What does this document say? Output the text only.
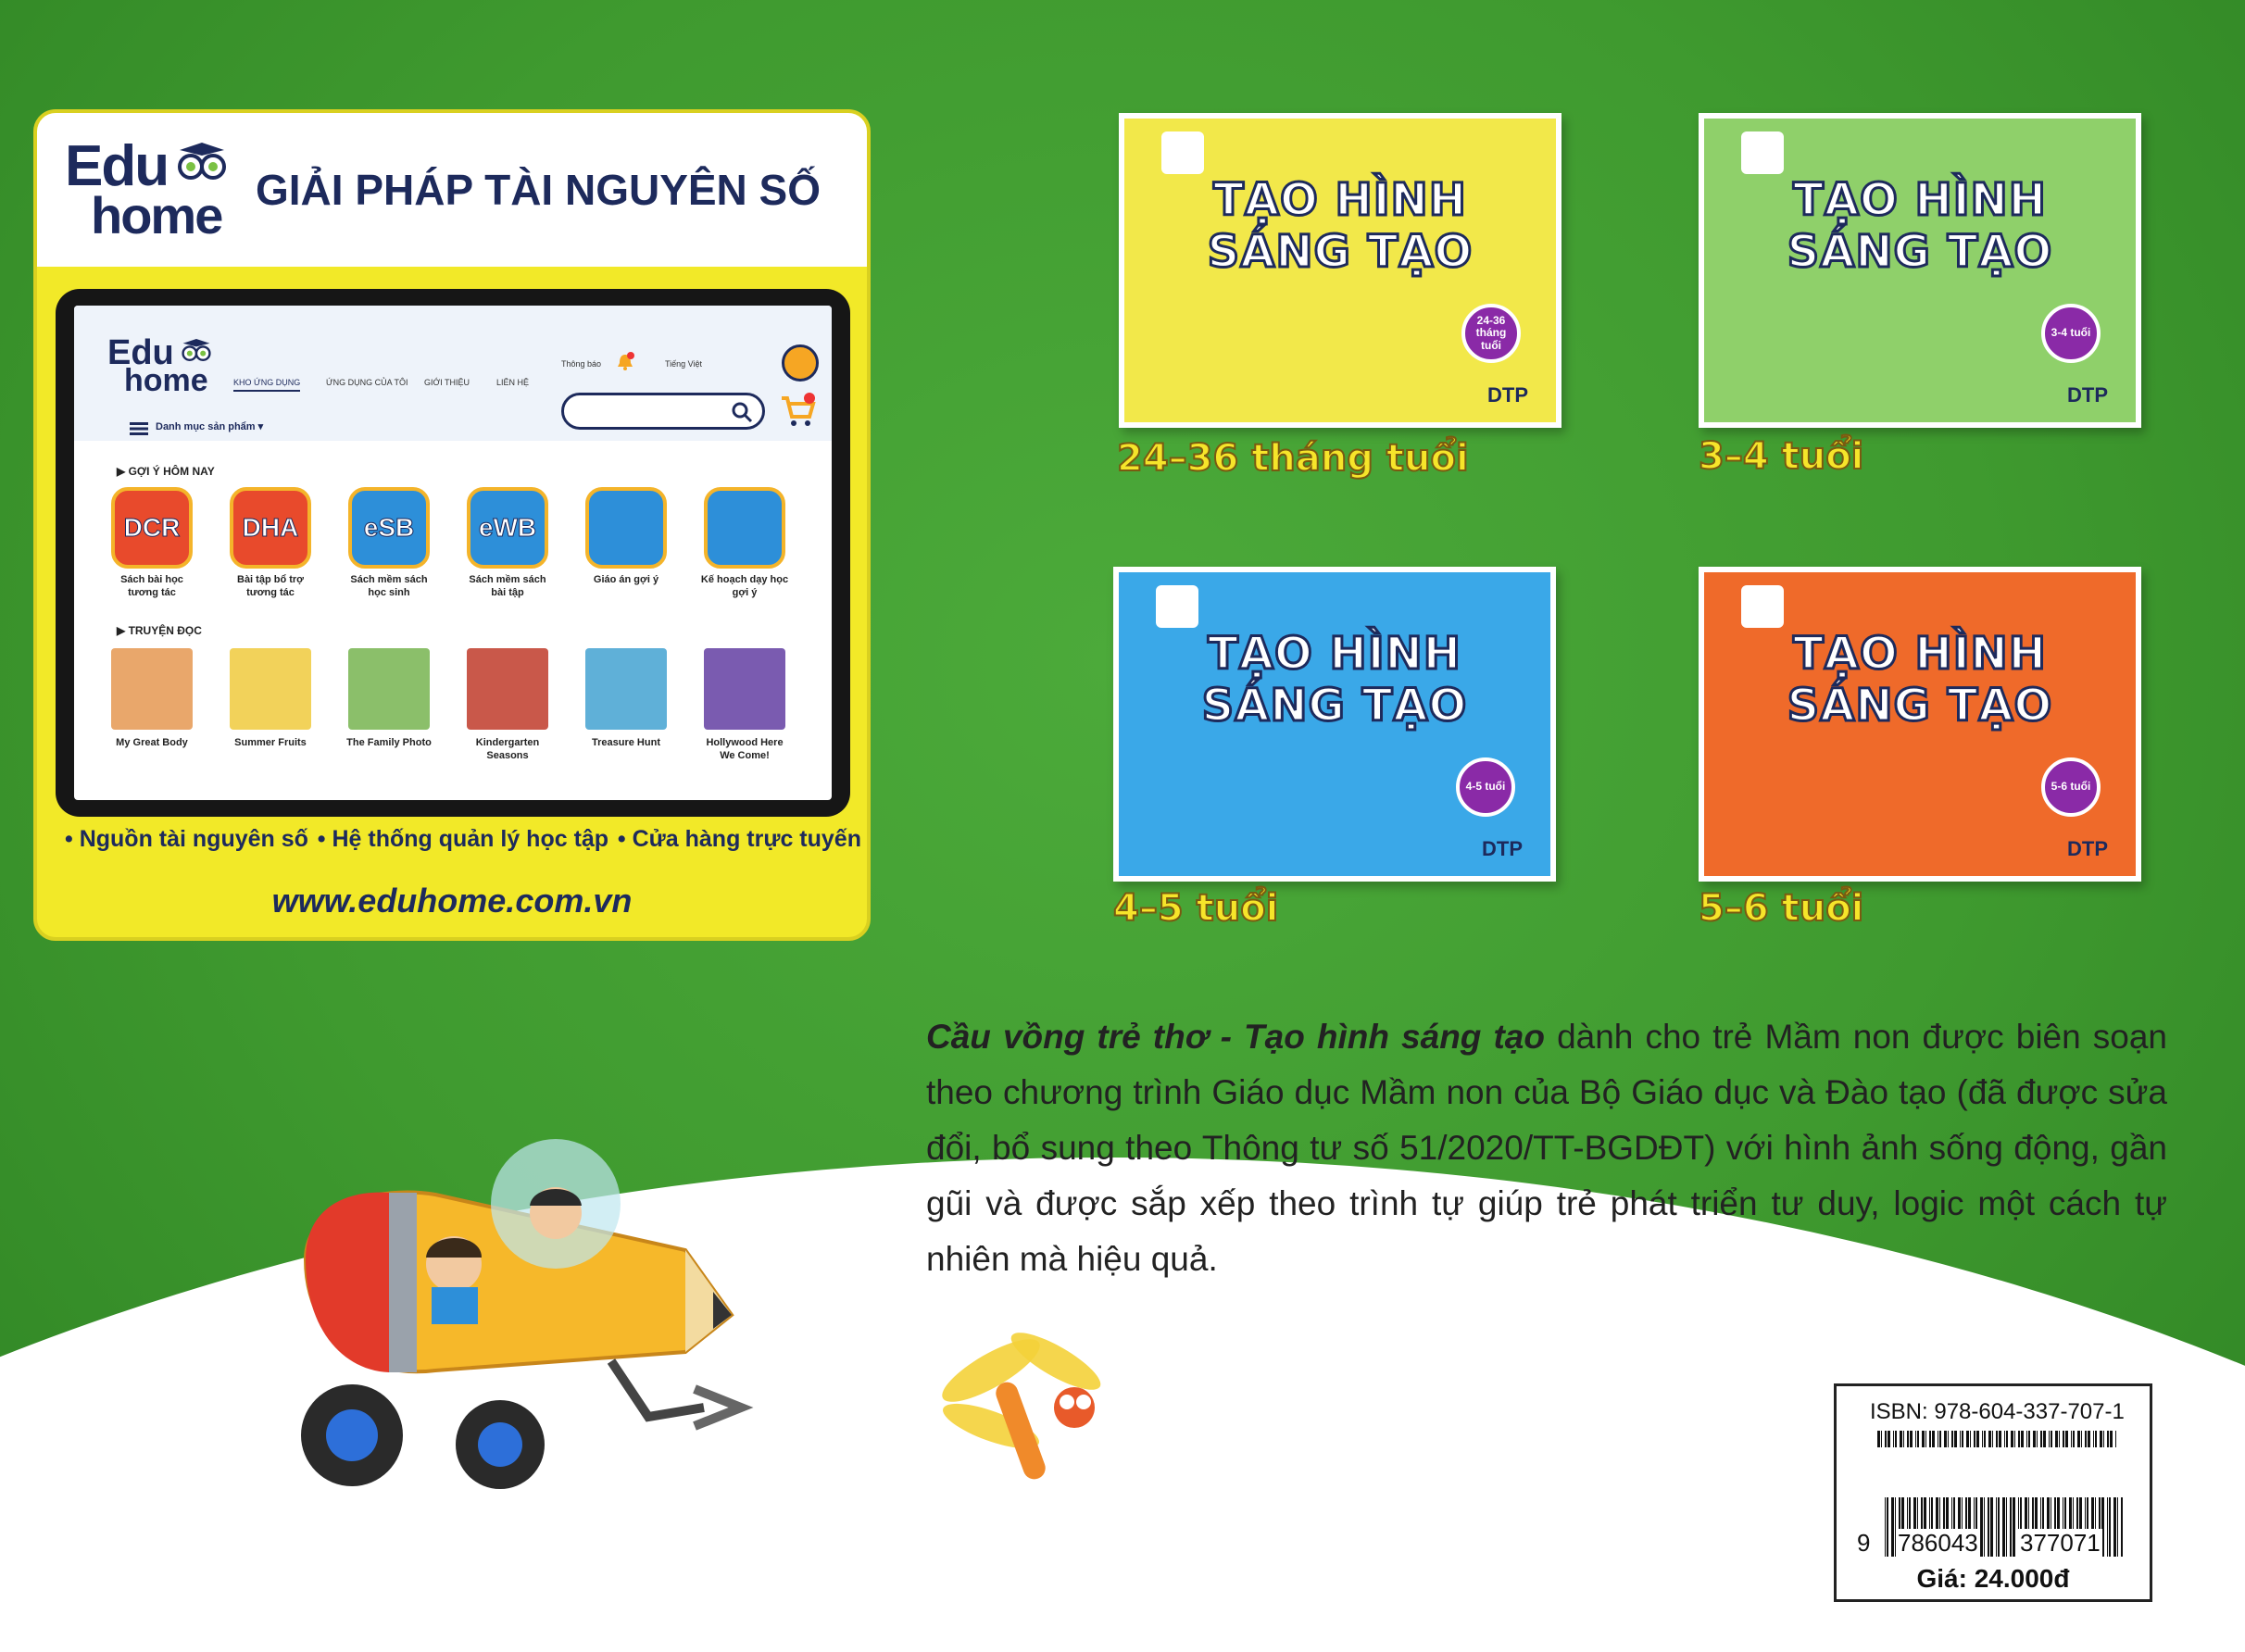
Edu
home GIẢI PHÁP TÀI NGUYÊN SỐ
Edu
home	KHO ỨNG DỤNG	ỨNG DỤNG CỦA TÔI GIỚI THIỆU	LIÊN HỆ
Thông báo	Tiếng Việt
Danh mục sản phẩm ▾
▶ GỢI Ý HÔM NAY
DCR
Sách bài học tương tác
DHA
Bài tập bổ trợ tương tác
eSB
Sách mềm sách học sinh
eWB
Sách mềm sách bài tập
Giáo án gợi ý	Kế hoạch dạy học gợi ý
▶ TRUYỆN ĐỌC
My Great Body	Summer Fruits	The Family Photo	Kindergarten Seasons
Treasure Hunt	Hollywood Here We Come!
• Nguồn tài nguyên số • Hệ thống quản lý học tập • Cửa hàng trực tuyến
www.eduhome.com.vn
TẠO HÌNH
SÁNG TẠO
24-36 tháng tuổi
DTP
24–36 tháng tuổi
TẠO HÌNH
SÁNG TẠO
3-4 tuổi
DTP
3–4 tuổi
TẠO HÌNH
SÁNG TẠO
4-5 tuổi
DTP
4–5 tuổi
TẠO HÌNH
SÁNG TẠO
5-6 tuổi
DTP
5–6 tuổi
Cầu vồng trẻ thơ - Tạo hình sáng tạo dành cho trẻ Mầm non được biên soạn theo chương trình Giáo dục Mầm non của Bộ Giáo dục và Đào tạo (đã được sửa đổi, bổ sung theo Thông tư số 51/2020/TT-BGDĐT) với hình ảnh sống động, gần gũi và được sắp xếp theo trình tự giúp trẻ phát triển tư duy, logic một cách tự nhiên mà hiệu quả.
ISBN: 978-604-337-707-1
9 786043 377071
Giá: 24.000đ
